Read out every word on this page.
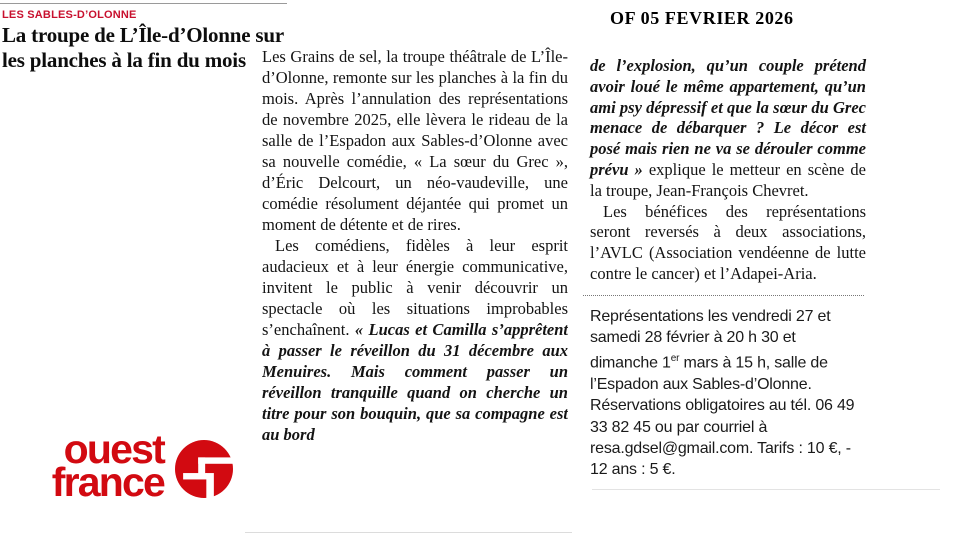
LES SABLES-D’OLONNE
La troupe de L’Île-d’Olonne sur
les planches à la fin du mois
OF 05 FEVRIER 2026

Les Grains de sel, la troupe théâtrale de L’Île-d’Olonne, remonte sur les planches à la fin du mois. Après l’annulation des représentations de novembre 2025, elle lèvera le rideau de la salle de l’Espadon aux Sables-d’Olonne avec sa nouvelle comédie, « La sœur du Grec », d’Éric Delcourt, un néo-vaudeville, une comédie résolument déjantée qui promet un moment de détente et de rires.

Les comédiens, fidèles à leur esprit audacieux et à leur énergie communicative, invitent le public à venir découvrir un spectacle où les situations improbables s’enchaînent. « Lucas et Camilla s’apprêtent à passer le réveillon du 31 décembre aux Menuires. Mais comment passer un réveillon tranquille quand on cherche un titre pour son bouquin, que sa compagne est au bord

de l’explosion, qu’un couple prétend avoir loué le même appartement, qu’un ami psy dépressif et que la sœur du Grec menace de débarquer ? Le décor est posé mais rien ne va se dérouler comme prévu » explique le metteur en scène de la troupe, Jean-François Chevret.

Les bénéfices des représentations seront reversés à deux associations, l’AVLC (Association vendéenne de lutte contre le cancer) et l’Adapei-Aria.

Représentations les vendredi 27 et samedi 28 février à 20 h 30 et dimanche 1er mars à 15 h, salle de l’Espadon aux Sables-d’Olonne. Réservations obligatoires au tél. 06 49 33 82 45 ou par courriel à resa.gdsel@gmail.com. Tarifs : 10 €, - 12 ans : 5 €.

ouest
france
